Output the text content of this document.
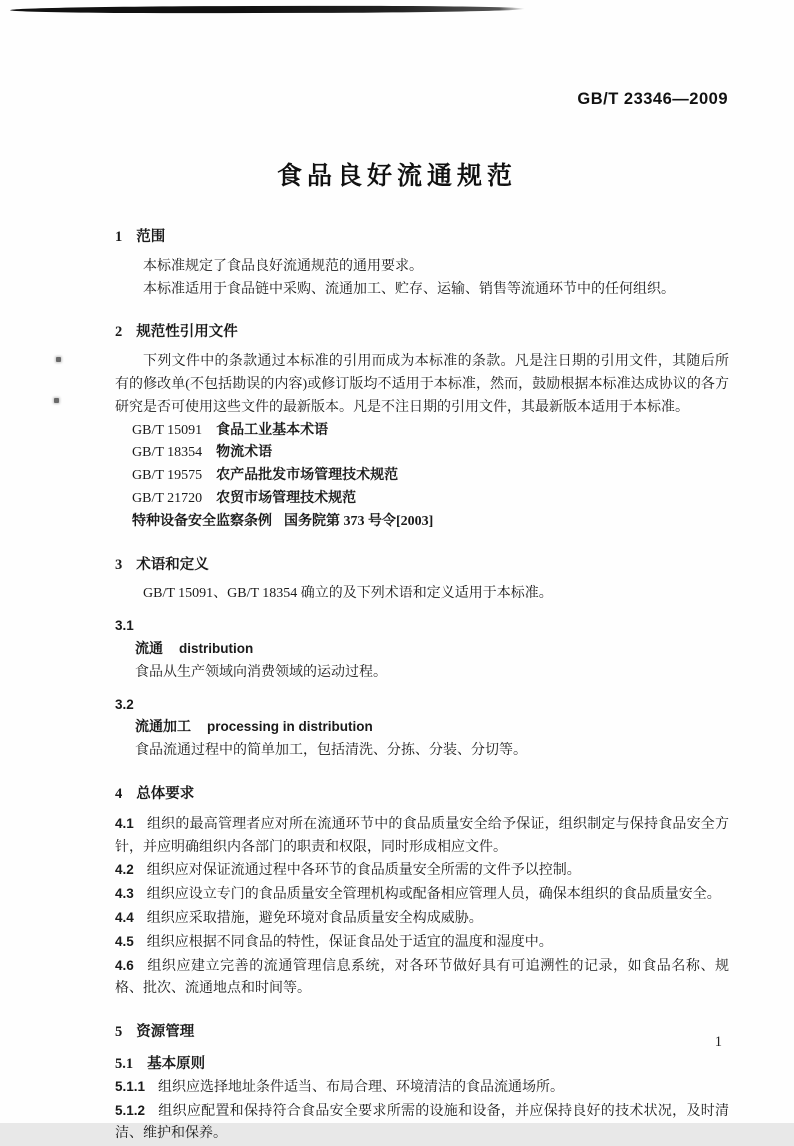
GB/T 23346—2009
食品良好流通规范

1 范围

本标准规定了食品良好流通规范的通用要求。

本标准适用于食品链中采购、流通加工、贮存、运输、销售等流通环节中的任何组织。

2 规范性引用文件

下列文件中的条款通过本标准的引用而成为本标准的条款。凡是注日期的引用文件，其随后所有的修改单(不包括勘误的内容)或修订版均不适用于本标准，然而，鼓励根据本标准达成协议的各方研究是否可使用这些文件的最新版本。凡是不注日期的引用文件，其最新版本适用于本标准。

GB/T 15091 食品工业基本术语

GB/T 18354 物流术语

GB/T 19575 农产品批发市场管理技术规范

GB/T 21720 农贸市场管理技术规范

特种设备安全监察条例 国务院第 373 号令[2003]

3 术语和定义

GB/T 15091、GB/T 18354 确立的及下列术语和定义适用于本标准。

3.1

流通 distribution

食品从生产领域向消费领域的运动过程。

3.2

流通加工 processing in distribution

食品流通过程中的简单加工，包括清洗、分拣、分装、分切等。

4 总体要求

4.1 组织的最高管理者应对所在流通环节中的食品质量安全给予保证，组织制定与保持食品安全方针，并应明确组织内各部门的职责和权限，同时形成相应文件。

4.2 组织应对保证流通过程中各环节的食品质量安全所需的文件予以控制。

4.3 组织应设立专门的食品质量安全管理机构或配备相应管理人员，确保本组织的食品质量安全。

4.4 组织应采取措施，避免环境对食品质量安全构成威胁。

4.5 组织应根据不同食品的特性，保证食品处于适宜的温度和湿度中。

4.6 组织应建立完善的流通管理信息系统，对各环节做好具有可追溯性的记录，如食品名称、规格、批次、流通地点和时间等。

5 资源管理

5.1 基本原则

5.1.1 组织应选择地址条件适当、布局合理、环境清洁的食品流通场所。

5.1.2 组织应配置和保持符合食品安全要求所需的设施和设备，并应保持良好的技术状况，及时清洁、维护和保养。

1
